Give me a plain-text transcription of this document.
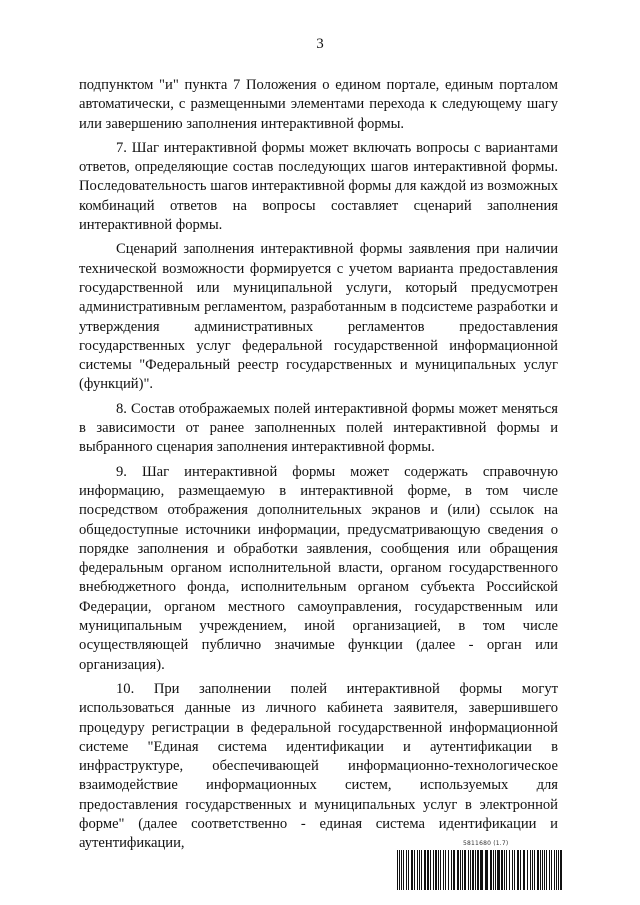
3

подпунктом "и" пункта 7 Положения о едином портале, единым порталом автоматически, с размещенными элементами перехода к следующему шагу или завершению заполнения интерактивной формы.

7. Шаг интерактивной формы может включать вопросы с вариантами ответов, определяющие состав последующих шагов интерактивной формы. Последовательность шагов интерактивной формы для каждой из возможных комбинаций ответов на вопросы составляет сценарий заполнения интерактивной формы.

Сценарий заполнения интерактивной формы заявления при наличии технической возможности формируется с учетом варианта предоставления государственной или муниципальной услуги, который предусмотрен административным регламентом, разработанным в подсистеме разработки и утверждения административных регламентов предоставления государственных услуг федеральной государственной информационной системы "Федеральный реестр государственных и муниципальных услуг (функций)".

8. Состав отображаемых полей интерактивной формы может меняться в зависимости от ранее заполненных полей интерактивной формы и выбранного сценария заполнения интерактивной формы.

9. Шаг интерактивной формы может содержать справочную информацию, размещаемую в интерактивной форме, в том числе посредством отображения дополнительных экранов и (или) ссылок на общедоступные источники информации, предусматривающую сведения о порядке заполнения и обработки заявления, сообщения или обращения федеральным органом исполнительной власти, органом государственного внебюджетного фонда, исполнительным органом субъекта Российской Федерации, органом местного самоуправления, государственным или муниципальным учреждением, иной организацией, в том числе осуществляющей публично значимые функции (далее - орган или организация).

10. При заполнении полей интерактивной формы могут использоваться данные из личного кабинета заявителя, завершившего процедуру регистрации в федеральной государственной информационной системе "Единая система идентификации и аутентификации в инфраструктуре, обеспечивающей информационно-технологическое взаимодействие информационных систем, используемых для предоставления государственных и муниципальных услуг в электронной форме" (далее соответственно - единая система идентификации и аутентификации,	5811680 (1.7)
